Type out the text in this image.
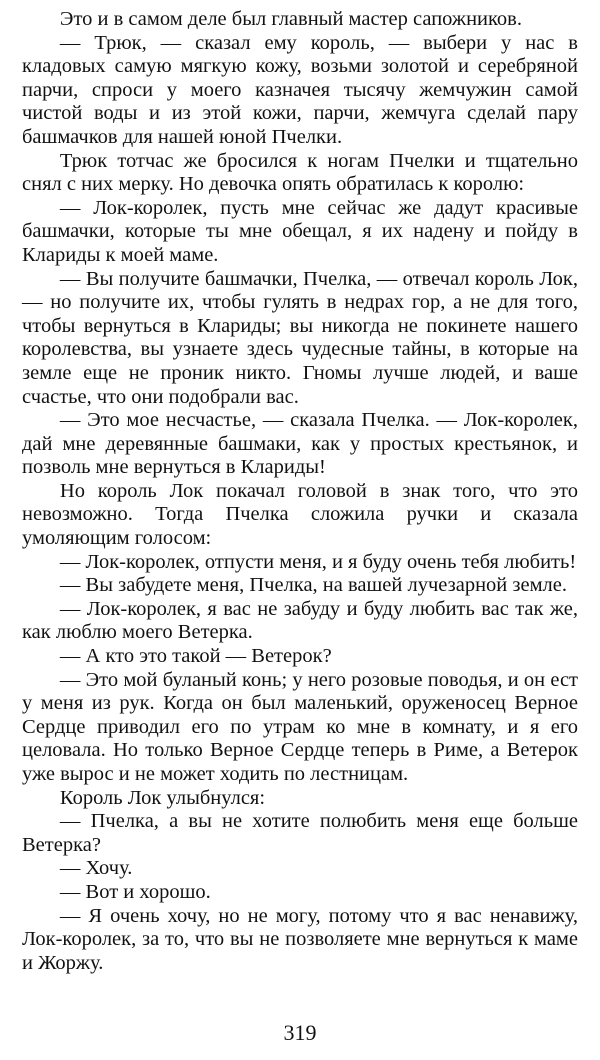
Это и в самом деле был главный мастер сапожников.

— Трюк, — сказал ему король, — выбери у нас в кладовых самую мягкую кожу, возьми золотой и серебряной парчи, спроси у моего казначея тысячу жемчужин самой чистой воды и из этой кожи, парчи, жемчуга сделай пару башмачков для нашей юной Пчелки.

Трюк тотчас же бросился к ногам Пчелки и тщательно снял с них мерку. Но девочка опять обратилась к королю:

— Лок-королек, пусть мне сейчас же дадут красивые башмачки, которые ты мне обещал, я их надену и пойду в Клариды к моей маме.

— Вы получите башмачки, Пчелка, — отвечал король Лок, — но получите их, чтобы гулять в недрах гор, а не для того, чтобы вернуться в Клариды; вы никогда не покинете нашего королевства, вы узнаете здесь чудесные тайны, в которые на земле еще не проник никто. Гномы лучше людей, и ваше счастье, что они подобрали вас.

— Это мое несчастье, — сказала Пчелка. — Лок-королек, дай мне деревянные башмаки, как у простых крестьянок, и позволь мне вернуться в Клариды!

Но король Лок покачал головой в знак того, что это невозможно. Тогда Пчелка сложила ручки и сказала умоляющим голосом:

— Лок-королек, отпусти меня, и я буду очень тебя любить!

— Вы забудете меня, Пчелка, на вашей лучезарной земле.

— Лок-королек, я вас не забуду и буду любить вас так же, как люблю моего Ветерка.

— А кто это такой — Ветерок?

— Это мой буланый конь; у него розовые поводья, и он ест у меня из рук. Когда он был маленький, оруженосец Верное Сердце приводил его по утрам ко мне в комнату, и я его целовала. Но только Верное Сердце теперь в Риме, а Ветерок уже вырос и не может ходить по лестницам.

Король Лок улыбнулся:

— Пчелка, а вы не хотите полюбить меня еще больше Ветерка?

— Хочу.

— Вот и хорошо.

— Я очень хочу, но не могу, потому что я вас ненавижу, Лок-королек, за то, что вы не позволяете мне вернуться к маме и Жоржу.

319
